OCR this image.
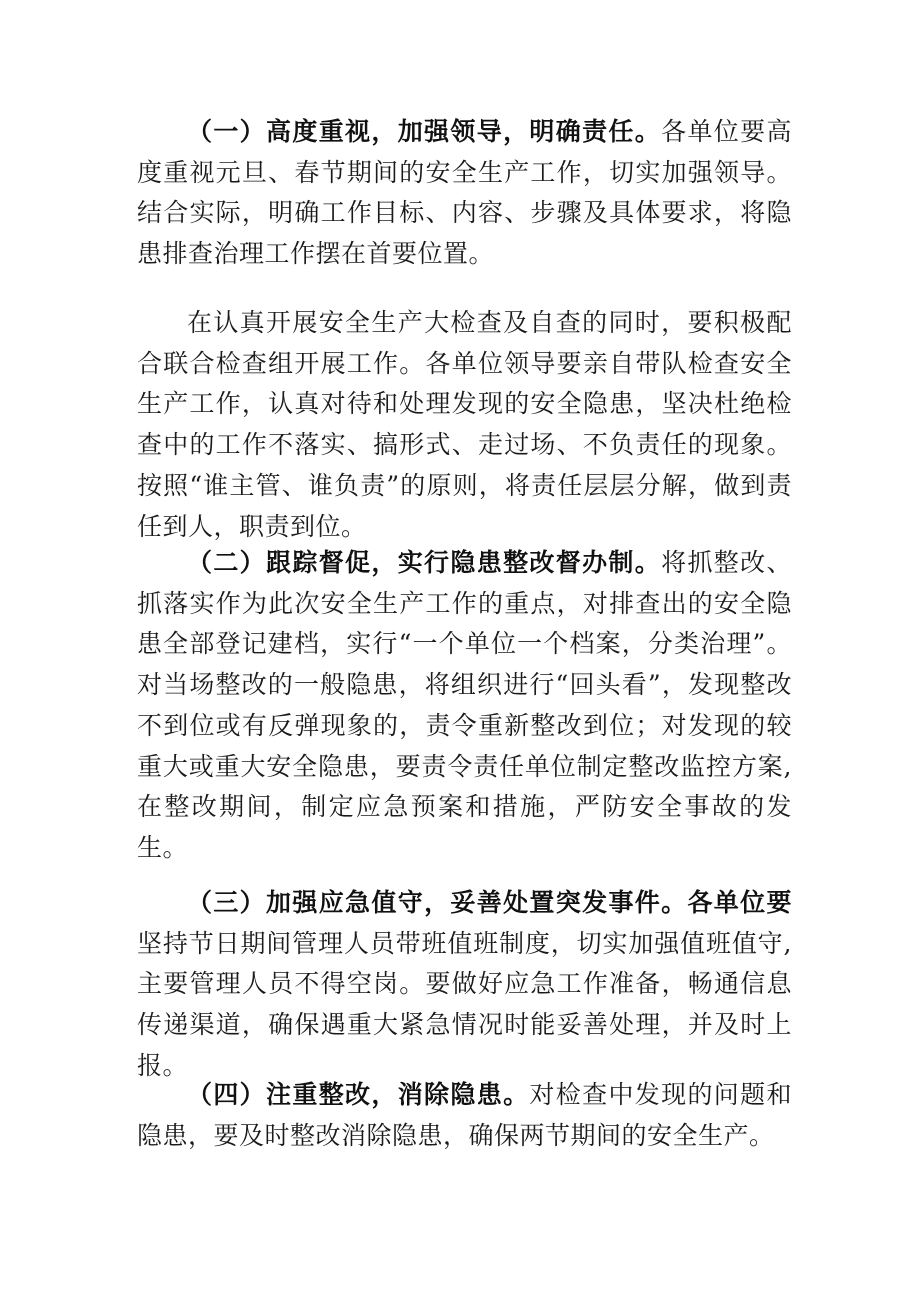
（一）高度重视，加强领导，明确责任。各单位要高度重视元旦、春节期间的安全生产工作，切实加强领导。结合实际，明确工作目标、内容、步骤及具体要求，将隐患排查治理工作摆在首要位置。

在认真开展安全生产大检查及自查的同时，要积极配合联合检查组开展工作。各单位领导要亲自带队检查安全生产工作，认真对待和处理发现的安全隐患，坚决杜绝检查中的工作不落实、搞形式、走过场、不负责任的现象。按照“谁主管、谁负责”的原则，将责任层层分解，做到责任到人，职责到位。

（二）跟踪督促，实行隐患整改督办制。将抓整改、抓落实作为此次安全生产工作的重点，对排查出的安全隐患全部登记建档，实行“一个单位一个档案，分类治理”。对当场整改的一般隐患，将组织进行“回头看”，发现整改不到位或有反弹现象的，责令重新整改到位；对发现的较重大或重大安全隐患，要责令责任单位制定整改监控方案,在整改期间，制定应急预案和措施，严防安全事故的发生。

（三）加强应急值守，妥善处置突发事件。各单位要坚持节日期间管理人员带班值班制度，切实加强值班值守,主要管理人员不得空岗。要做好应急工作准备，畅通信息传递渠道，确保遇重大紧急情况时能妥善处理，并及时上报。

（四）注重整改，消除隐患。对检查中发现的问题和隐患，要及时整改消除隐患，确保两节期间的安全生产。
